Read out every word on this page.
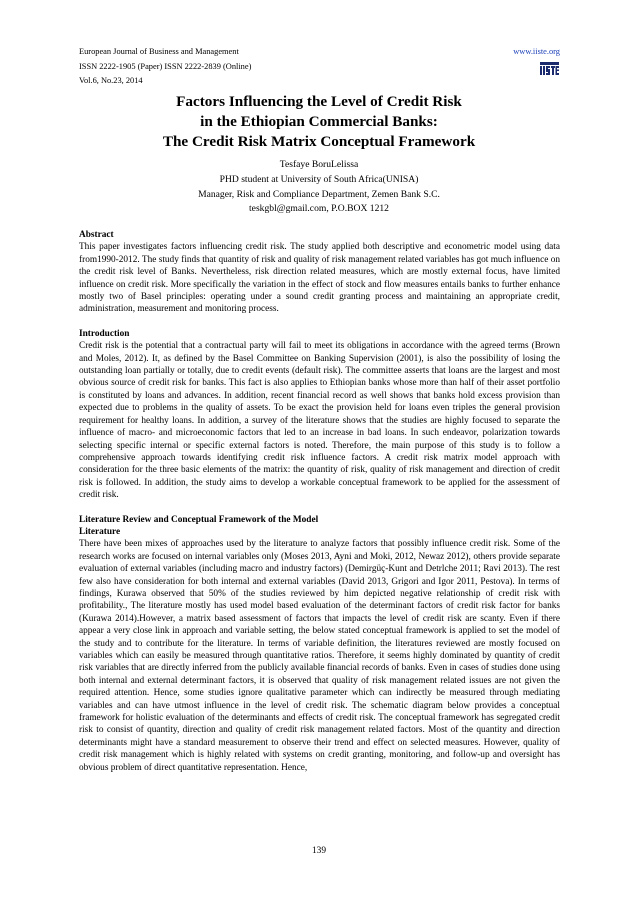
European Journal of Business and Management
ISSN 2222-1905 (Paper) ISSN 2222-2839 (Online)
Vol.6, No.23, 2014
www.iiste.org
Factors Influencing the Level of Credit Risk
in the Ethiopian Commercial Banks:
The Credit Risk Matrix Conceptual Framework
Tesfaye BoruLelissa
PHD student at University of South Africa(UNISA)
Manager, Risk and Compliance Department, Zemen Bank S.C.
teskgbl@gmail.com, P.O.BOX 1212
Abstract
This paper investigates factors influencing credit risk. The study applied both descriptive and econometric model using data from1990-2012. The study finds that quantity of risk and quality of risk management related variables has got much influence on the credit risk level of Banks. Nevertheless, risk direction related measures, which are mostly external focus, have limited influence on credit risk. More specifically the variation in the effect of stock and flow measures entails banks to further enhance mostly two of Basel principles: operating under a sound credit granting process and maintaining an appropriate credit, administration, measurement and monitoring process.
Introduction
Credit risk is the potential that a contractual party will fail to meet its obligations in accordance with the agreed terms (Brown and Moles, 2012). It, as defined by the Basel Committee on Banking Supervision (2001), is also the possibility of losing the outstanding loan partially or totally, due to credit events (default risk). The committee asserts that loans are the largest and most obvious source of credit risk for banks. This fact is also applies to Ethiopian banks whose more than half of their asset portfolio is constituted by loans and advances. In addition, recent financial record as well shows that banks hold excess provision than expected due to problems in the quality of assets. To be exact the provision held for loans even triples the general provision requirement for healthy loans. In addition, a survey of the literature shows that the studies are highly focused to separate the influence of macro- and microeconomic factors that led to an increase in bad loans. In such endeavor, polarization towards selecting specific internal or specific external factors is noted. Therefore, the main purpose of this study is to follow a comprehensive approach towards identifying credit risk influence factors. A credit risk matrix model approach with consideration for the three basic elements of the matrix: the quantity of risk, quality of risk management and direction of credit risk is followed. In addition, the study aims to develop a workable conceptual framework to be applied for the assessment of credit risk.
Literature Review and Conceptual Framework of the Model
Literature
There have been mixes of approaches used by the literature to analyze factors that possibly influence credit risk. Some of the research works are focused on internal variables only (Moses 2013, Ayni and Moki, 2012, Newaz 2012), others provide separate evaluation of external variables (including macro and industry factors) (Demirgüç-Kunt and Detrlche 2011; Ravi 2013). The rest few also have consideration for both internal and external variables (David 2013, Grigori and Igor 2011, Pestova). In terms of findings, Kurawa observed that 50% of the studies reviewed by him depicted negative relationship of credit risk with profitability., The literature mostly has used model based evaluation of the determinant factors of credit risk factor for banks (Kurawa 2014).However, a matrix based assessment of factors that impacts the level of credit risk are scanty. Even if there appear a very close link in approach and variable setting, the below stated conceptual framework is applied to set the model of the study and to contribute for the literature. In terms of variable definition, the literatures reviewed are mostly focused on variables which can easily be measured through quantitative ratios. Therefore, it seems highly dominated by quantity of credit risk variables that are directly inferred from the publicly available financial records of banks. Even in cases of studies done using both internal and external determinant factors, it is observed that quality of risk management related issues are not given the required attention. Hence, some studies ignore qualitative parameter which can indirectly be measured through mediating variables and can have utmost influence in the level of credit risk. The schematic diagram below provides a conceptual framework for holistic evaluation of the determinants and effects of credit risk. The conceptual framework has segregated credit risk to consist of quantity, direction and quality of credit risk management related factors. Most of the quantity and direction determinants might have a standard measurement to observe their trend and effect on selected measures. However, quality of credit risk management which is highly related with systems on credit granting, monitoring, and follow-up and oversight has obvious problem of direct quantitative representation. Hence,
139
